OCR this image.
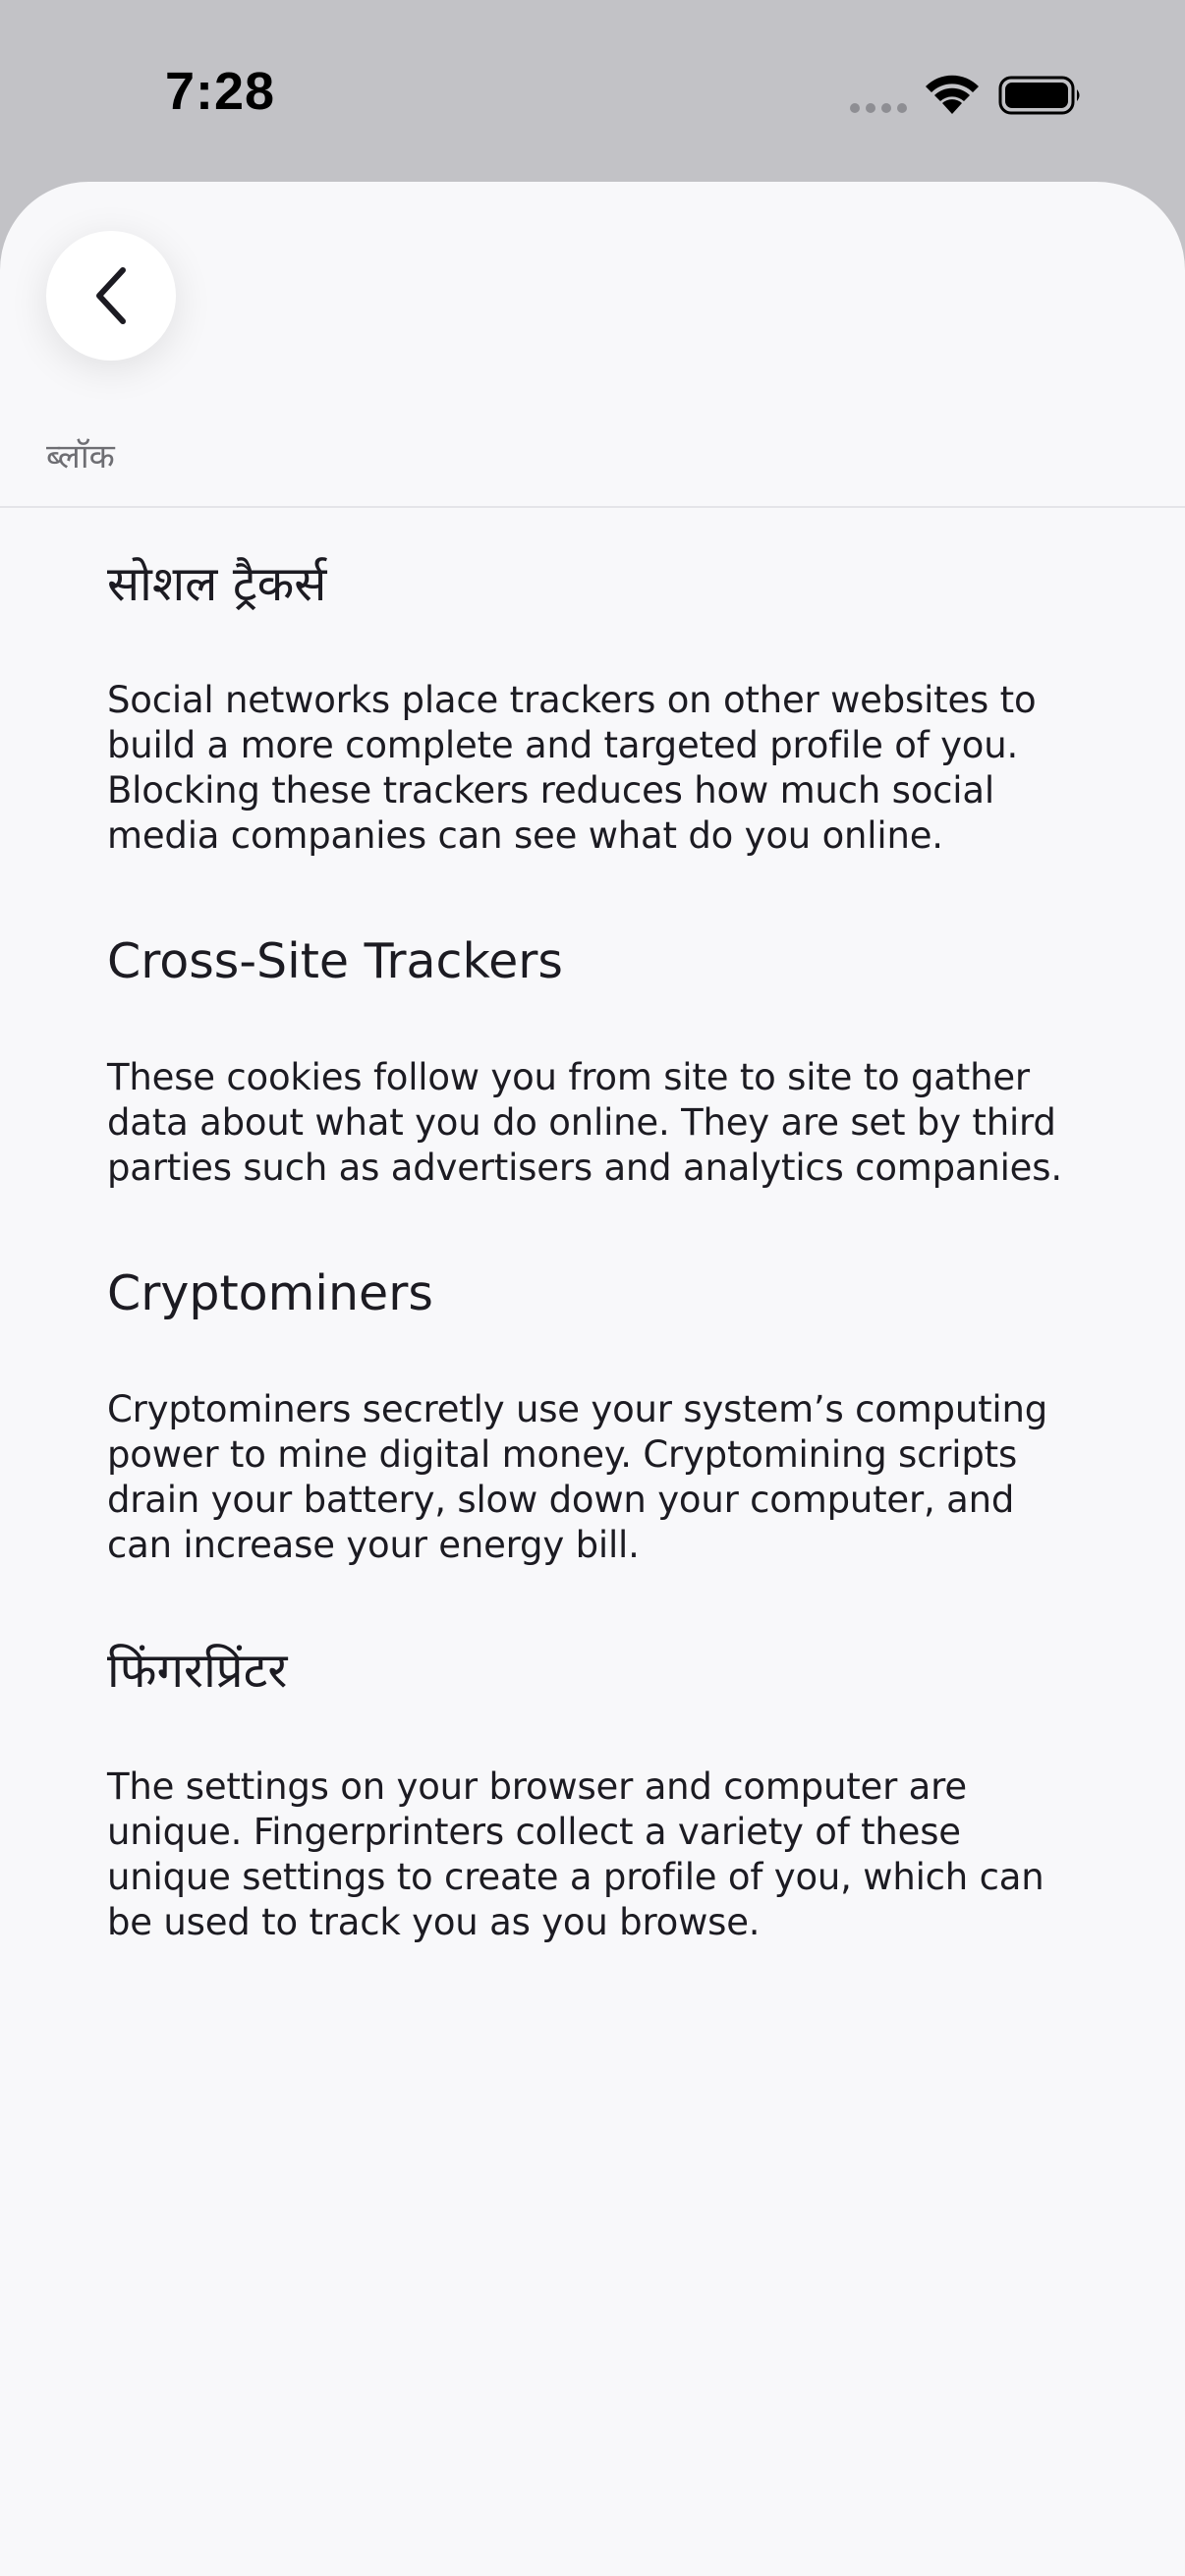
7:28
ब्लॉक
सोशल ट्रैकर्स
Social networks place trackers on other websites to build a more complete and targeted profile of you. Blocking these trackers reduces how much social media companies can see what do you online.
Cross-Site Trackers
These cookies follow you from site to site to gather data about what you do online. They are set by third parties such as advertisers and analytics companies.
Cryptominers
Cryptominers secretly use your system’s computing power to mine digital money. Cryptomining scripts drain your battery, slow down your computer, and can increase your energy bill.
फिंगरप्रिंटर
The settings on your browser and computer are unique. Fingerprinters collect a variety of these unique settings to create a profile of you, which can be used to track you as you browse.
